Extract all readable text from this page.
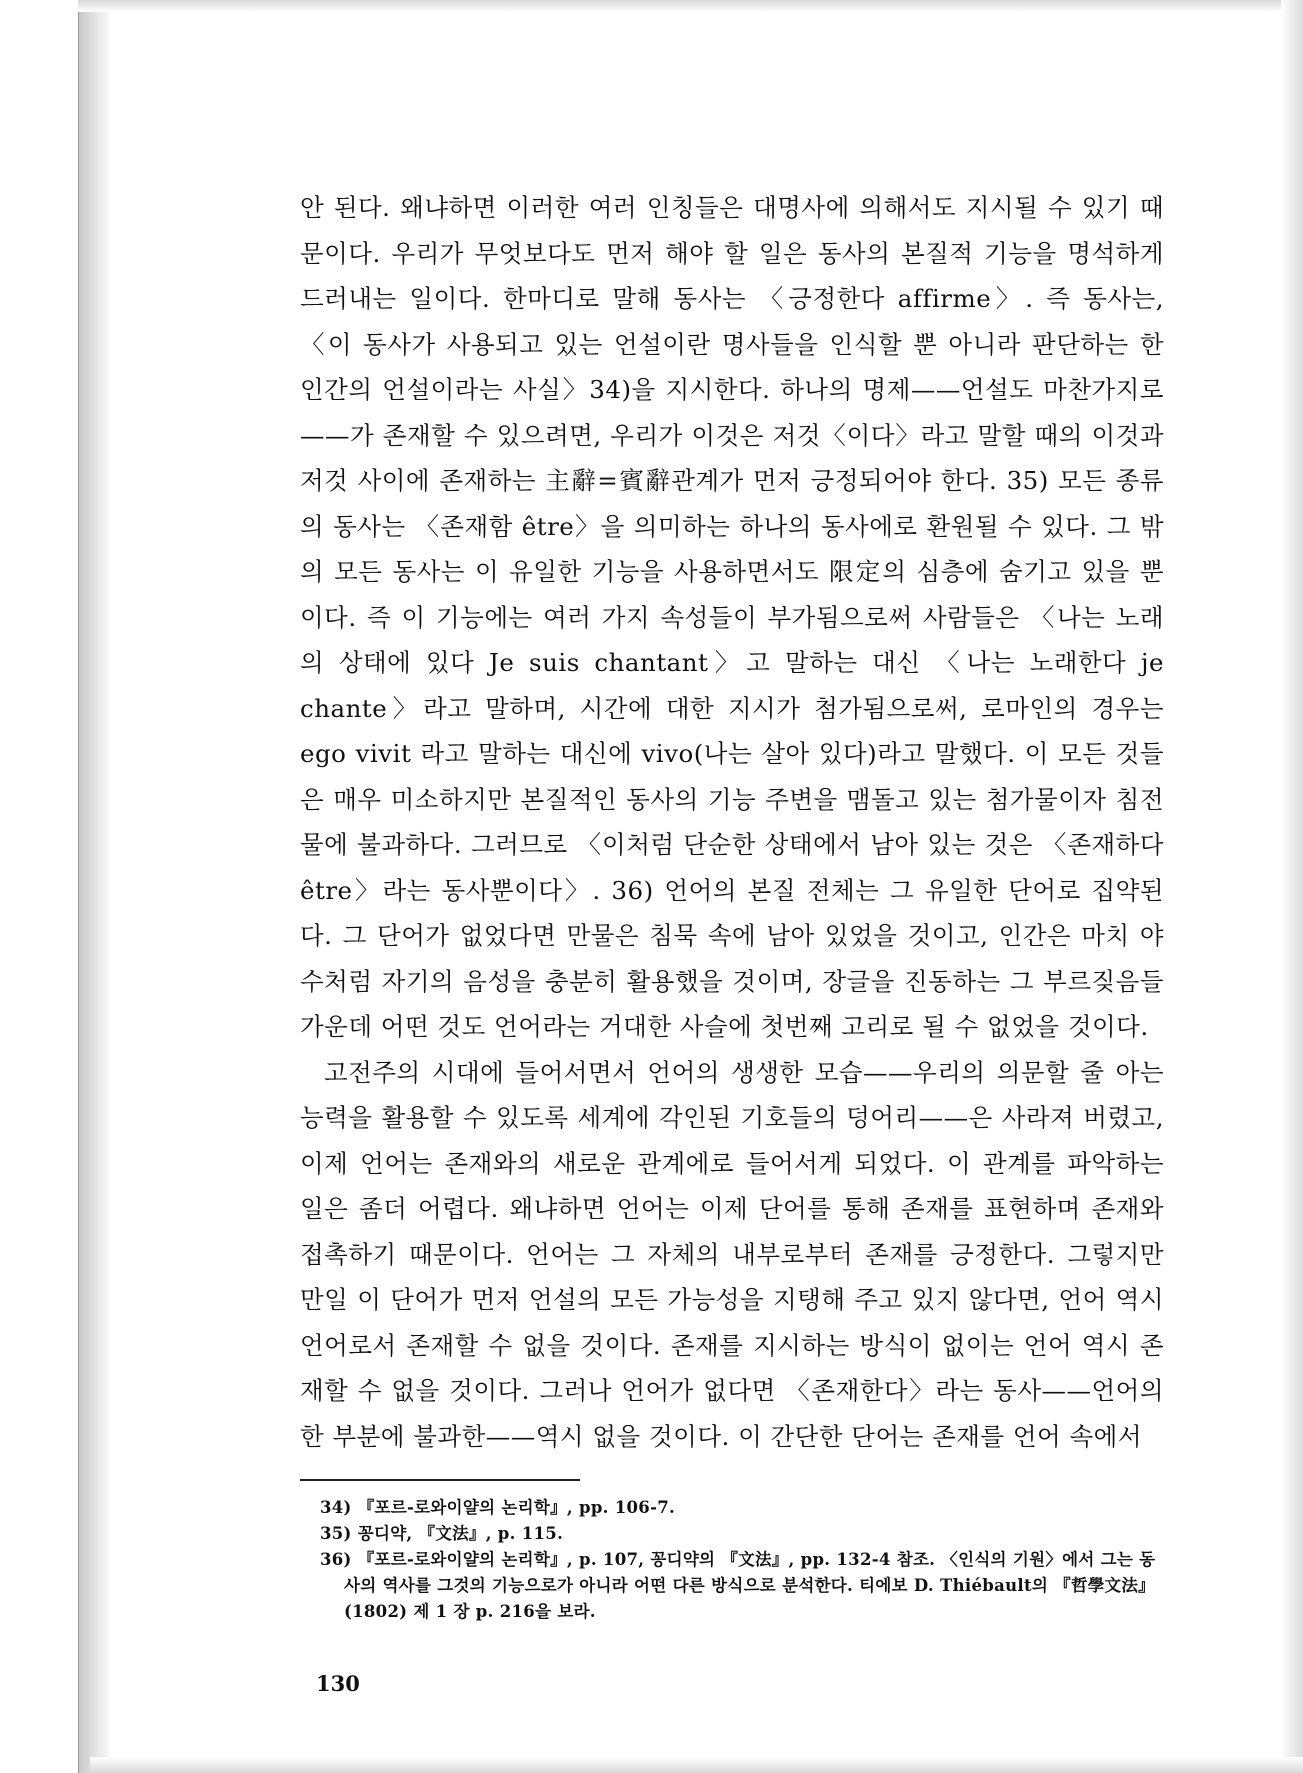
안 된다. 왜냐하면 이러한 여러 인칭들은 대명사에 의해서도 지시될 수 있기 때문이다. 우리가 무엇보다도 먼저 해야 할 일은 동사의 본질적 기능을 명석하게 드러내는 일이다. 한마디로 말해 동사는 〈긍정한다 affirme〉. 즉 동사는, 〈이 동사가 사용되고 있는 언설이란 명사들을 인식할 뿐 아니라 판단하는 한 인간의 언설이라는 사실〉34)을 지시한다. 하나의 명제——언설도 마찬가지로——가 존재할 수 있으려면, 우리가 이것은 저것〈이다〉라고 말할 때의 이것과 저것 사이에 존재하는 主辭=賓辭관계가 먼저 긍정되어야 한다. 35) 모든 종류의 동사는 〈존재함 être〉을 의미하는 하나의 동사에로 환원될 수 있다. 그 밖의 모든 동사는 이 유일한 기능을 사용하면서도 限定의 심층에 숨기고 있을 뿐이다. 즉 이 기능에는 여러 가지 속성들이 부가됨으로써 사람들은 〈나는 노래의 상태에 있다 Je suis chantant〉고 말하는 대신 〈나는 노래한다 je chante〉라고 말하며, 시간에 대한 지시가 첨가됨으로써, 로마인의 경우는 ego vivit 라고 말하는 대신에 vivo(나는 살아 있다)라고 말했다. 이 모든 것들은 매우 미소하지만 본질적인 동사의 기능 주변을 맴돌고 있는 첨가물이자 침전물에 불과하다. 그러므로 〈이처럼 단순한 상태에서 남아 있는 것은 〈존재하다 être〉라는 동사뿐이다〉. 36) 언어의 본질 전체는 그 유일한 단어로 집약된다. 그 단어가 없었다면 만물은 침묵 속에 남아 있었을 것이고, 인간은 마치 야수처럼 자기의 음성을 충분히 활용했을 것이며, 장글을 진동하는 그 부르짖음들 가운데 어떤 것도 언어라는 거대한 사슬에 첫번째 고리로 될 수 없었을 것이다.

고전주의 시대에 들어서면서 언어의 생생한 모습——우리의 의문할 줄 아는 능력을 활용할 수 있도록 세계에 각인된 기호들의 덩어리——은 사라져 버렸고, 이제 언어는 존재와의 새로운 관계에로 들어서게 되었다. 이 관계를 파악하는 일은 좀더 어렵다. 왜냐하면 언어는 이제 단어를 통해 존재를 표현하며 존재와 접촉하기 때문이다. 언어는 그 자체의 내부로부터 존재를 긍정한다. 그렇지만 만일 이 단어가 먼저 언설의 모든 가능성을 지탱해 주고 있지 않다면, 언어 역시 언어로서 존재할 수 없을 것이다. 존재를 지시하는 방식이 없이는 언어 역시 존재할 수 없을 것이다. 그러나 언어가 없다면 〈존재한다〉라는 동사——언어의 한 부분에 불과한——역시 없을 것이다. 이 간단한 단어는 존재를 언어 속에서

34) 『포르-로와이얄의 논리학』, pp. 106-7.

35) 꽁디약, 『文法』, p. 115.

36) 『포르-로와이얄의 논리학』, p. 107, 꽁디약의 『文法』, pp. 132-4 참조. 〈인식의 기원〉에서 그는 동사의 역사를 그것의 기능으로가 아니라 어떤 다른 방식으로 분석한다. 티에보 D. Thiébault의 『哲學文法』(1802) 제 1 장 p. 216을 보라.

130
